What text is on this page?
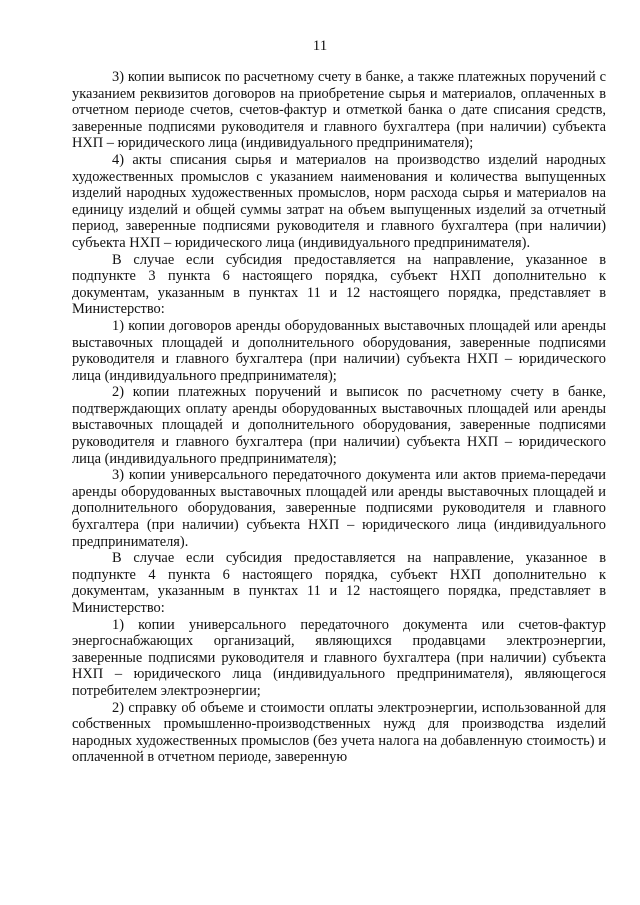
11

3) копии выписок по расчетному счету в банке, а также платежных поручений с указанием реквизитов договоров на приобретение сырья и материалов, оплаченных в отчетном периоде счетов, счетов-фактур и отметкой банка о дате списания средств, заверенные подписями руководителя и главного бухгалтера (при наличии) субъекта НХП – юридического лица (индивидуального предпринимателя);

4) акты списания сырья и материалов на производство изделий народных художественных промыслов с указанием наименования и количества выпущенных изделий народных художественных промыслов, норм расхода сырья и материалов на единицу изделий и общей суммы затрат на объем выпущенных изделий за отчетный период, заверенные подписями руководителя и главного бухгалтера (при наличии) субъекта НХП – юридического лица (индивидуального предпринимателя).

В случае если субсидия предоставляется на направление, указанное в подпункте 3 пункта 6 настоящего порядка, субъект НХП дополнительно к документам, указанным в пунктах 11 и 12 настоящего порядка, представляет в Министерство:

1) копии договоров аренды оборудованных выставочных площадей или аренды выставочных площадей и дополнительного оборудования, заверенные подписями руководителя и главного бухгалтера (при наличии) субъекта НХП – юридического лица (индивидуального предпринимателя);

2) копии платежных поручений и выписок по расчетному счету в банке, подтверждающих оплату аренды оборудованных выставочных площадей или аренды выставочных площадей и дополнительного оборудования, заверенные подписями руководителя и главного бухгалтера (при наличии) субъекта НХП – юридического лица (индивидуального предпринимателя);

3) копии универсального передаточного документа или актов приема-передачи аренды оборудованных выставочных площадей или аренды выставочных площадей и дополнительного оборудования, заверенные подписями руководителя и главного бухгалтера (при наличии) субъекта НХП – юридического лица (индивидуального предпринимателя).

В случае если субсидия предоставляется на направление, указанное в подпункте 4 пункта 6 настоящего порядка, субъект НХП дополнительно к документам, указанным в пунктах 11 и 12 настоящего порядка, представляет в Министерство:

1) копии универсального передаточного документа или счетов-фактур энергоснабжающих организаций, являющихся продавцами электроэнергии, заверенные подписями руководителя и главного бухгалтера (при наличии) субъекта НХП – юридического лица (индивидуального предпринимателя), являющегося потребителем электроэнергии;

2) справку об объеме и стоимости оплаты электроэнергии, использованной для собственных промышленно-производственных нужд для производства изделий народных художественных промыслов (без учета налога на добавленную стоимость) и оплаченной в отчетном периоде, заверенную
